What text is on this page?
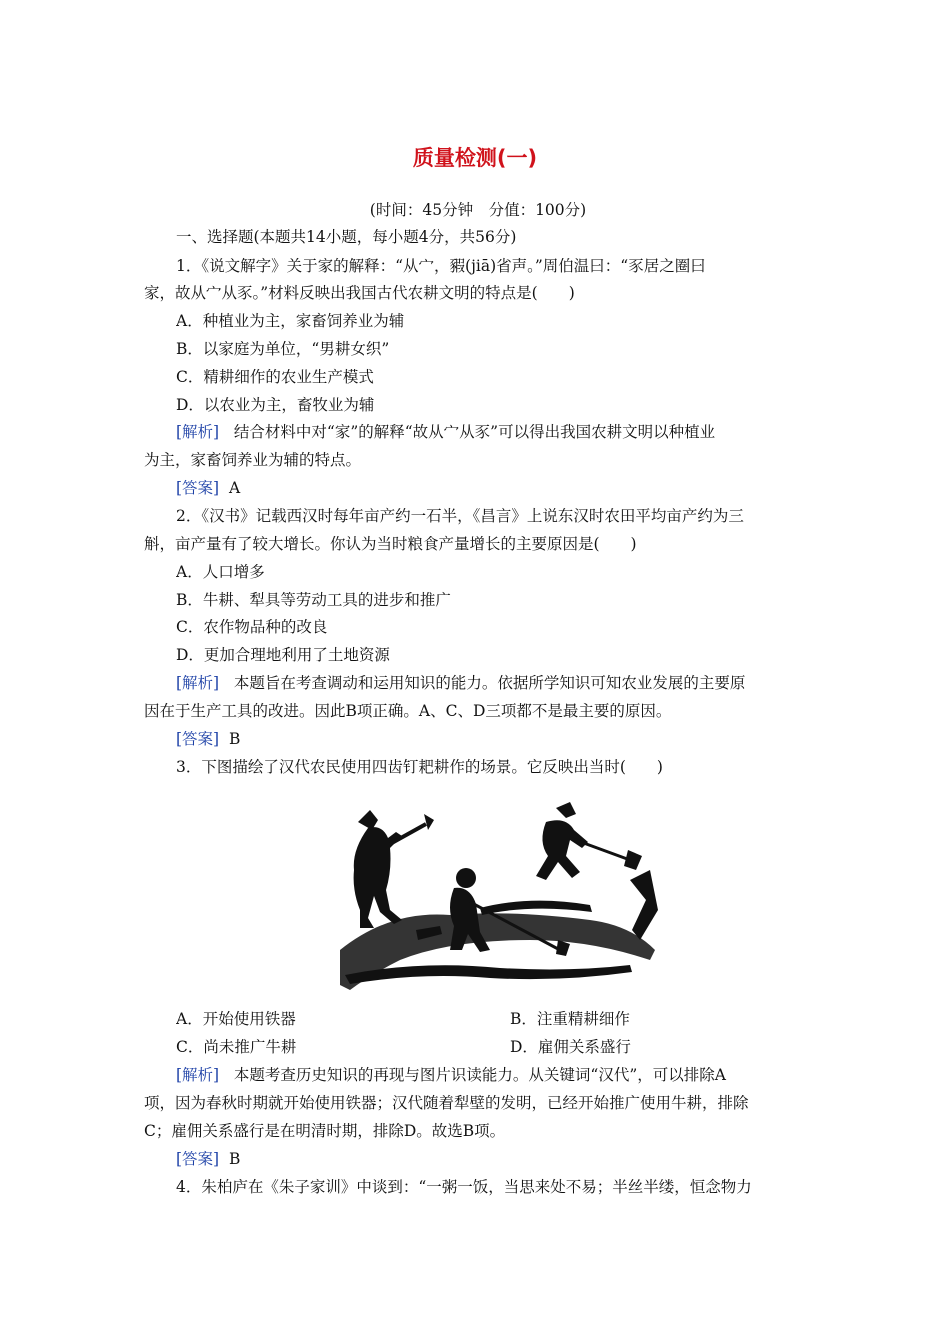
质量检测(一)
(时间：45分钟　分值：100分)
一、选择题(本题共14小题，每小题4分，共56分)
1．《说文解字》关于家的解释：“从宀，豭(jiā)省声。”周伯温曰：“豕居之圈曰
家，故从宀从豕。”材料反映出我国古代农耕文明的特点是(　　)
A．种植业为主，家畜饲养业为辅
B．以家庭为单位，“男耕女织”
C．精耕细作的农业生产模式
D．以农业为主，畜牧业为辅
[解析] 结合材料中对“家”的解释“故从宀从豕”可以得出我国农耕文明以种植业
为主，家畜饲养业为辅的特点。
[答案] A
2．《汉书》记载西汉时每年亩产约一石半，《昌言》上说东汉时农田平均亩产约为三
斛，亩产量有了较大增长。你认为当时粮食产量增长的主要原因是(　　)
A．人口增多
B．牛耕、犁具等劳动工具的进步和推广
C．农作物品种的改良
D．更加合理地利用了土地资源
[解析] 本题旨在考查调动和运用知识的能力。依据所学知识可知农业发展的主要原
因在于生产工具的改进。因此B项正确。A、C、D三项都不是最主要的原因。
[答案] B
3．下图描绘了汉代农民使用四齿钉耙耕作的场景。它反映出当时(　　)
A．开始使用铁器	B．注重精耕细作
C．尚未推广牛耕	D．雇佣关系盛行
[解析] 本题考查历史知识的再现与图片识读能力。从关键词“汉代”，可以排除A
项，因为春秋时期就开始使用铁器；汉代随着犁壁的发明，已经开始推广使用牛耕，排除
C；雇佣关系盛行是在明清时期，排除D。故选B项。
[答案] B
4．朱柏庐在《朱子家训》中谈到：“一粥一饭，当思来处不易；半丝半缕，恒念物力
